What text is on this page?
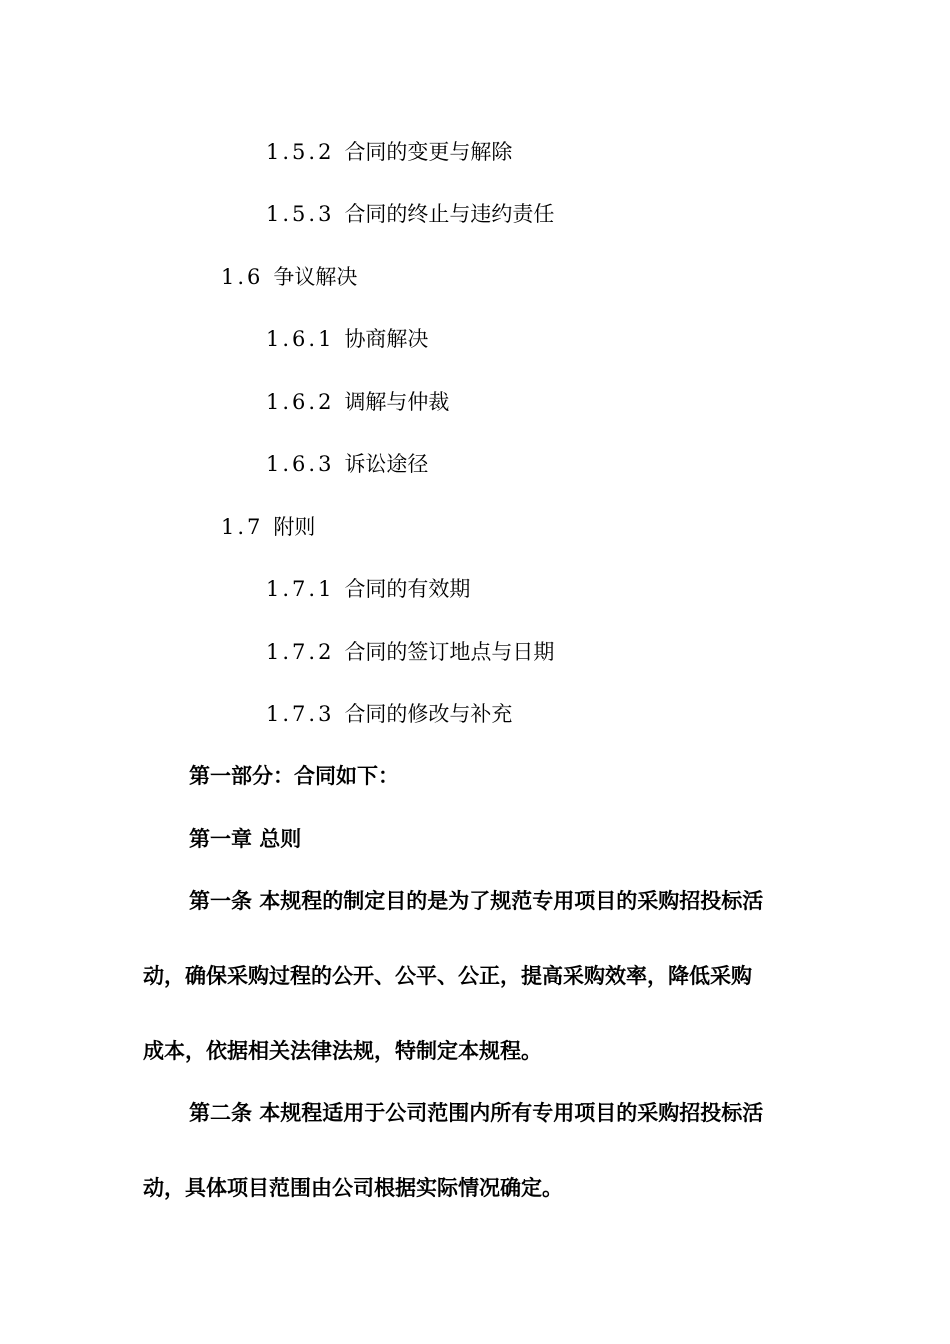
1.5.2 合同的变更与解除
1.5.3 合同的终止与违约责任
1.6 争议解决
1.6.1 协商解决
1.6.2 调解与仲裁
1.6.3 诉讼途径
1.7 附则
1.7.1 合同的有效期
1.7.2 合同的签订地点与日期
1.7.3 合同的修改与补充
第一部分：合同如下：
第一章 总则
第一条 本规程的制定目的是为了规范专用项目的采购招投标活
动，确保采购过程的公开、公平、公正，提高采购效率，降低采购
成本，依据相关法律法规，特制定本规程。
第二条 本规程适用于公司范围内所有专用项目的采购招投标活
动，具体项目范围由公司根据实际情况确定。
